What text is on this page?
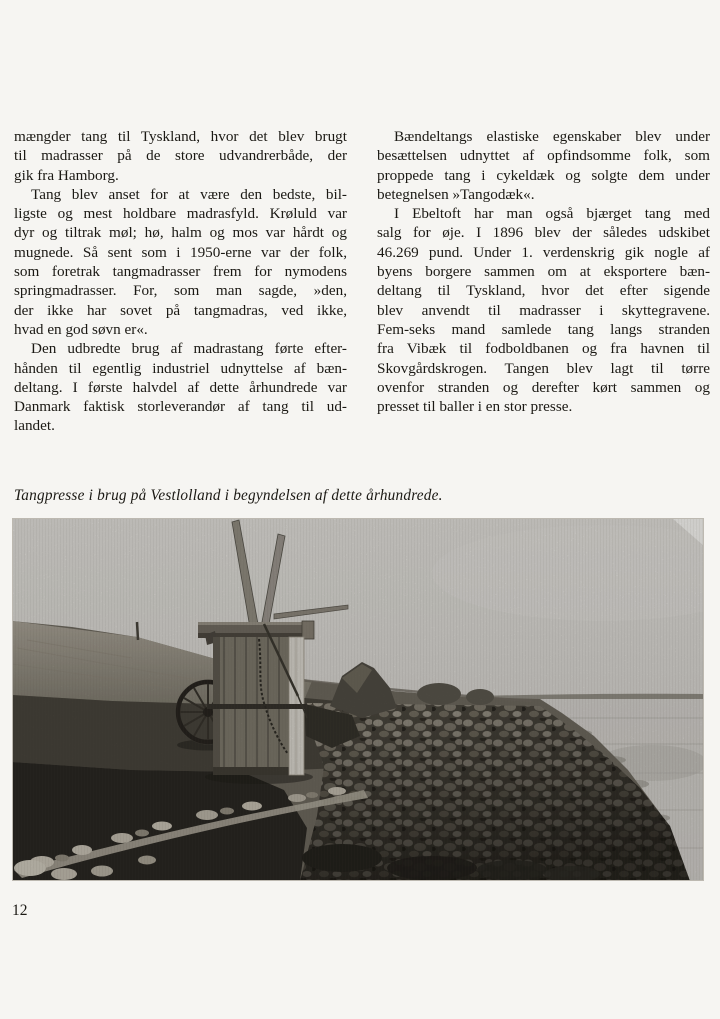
mængder tang til Tyskland, hvor det blev brugt
til madrasser på de store udvandrerbåde, der
gik fra Hamborg.
Tang blev anset for at være den bedste, bil-
ligste og mest holdbare madrasfyld. Krøluld var
dyr og tiltrak møl; hø, halm og mos var hårdt og
mugnede. Så sent som i 1950-erne var der folk,
som foretrak tangmadrasser frem for nymodens
springmadrasser. For, som man sagde, »den,
der ikke har sovet på tangmadras, ved ikke,
hvad en god søvn er«.
Den udbredte brug af madrastang førte efter-
hånden til egentlig industriel udnyttelse af bæn-
deltang. I første halvdel af dette århundrede var
Danmark faktisk storleverandør af tang til ud-
landet.
Bændeltangs elastiske egenskaber blev under
besættelsen udnyttet af opfindsomme folk, som
proppede tang i cykeldæk og solgte dem under
betegnelsen »Tangodæk«.
I Ebeltoft har man også bjærget tang med
salg for øje. I 1896 blev der således udskibet
46.269 pund. Under 1. verdenskrig gik nogle af
byens borgere sammen om at eksportere bæn-
deltang til Tyskland, hvor det efter sigende
blev anvendt til madrasser i skyttegravene.
Fem-seks mand samlede tang langs stranden
fra Vibæk til fodboldbanen og fra havnen til
Skovgårdskrogen. Tangen blev lagt til tørre
ovenfor stranden og derefter kørt sammen og
presset til baller i en stor presse.
Tangpresse i brug på Vestlolland i begyndelsen af dette århundrede.
12
